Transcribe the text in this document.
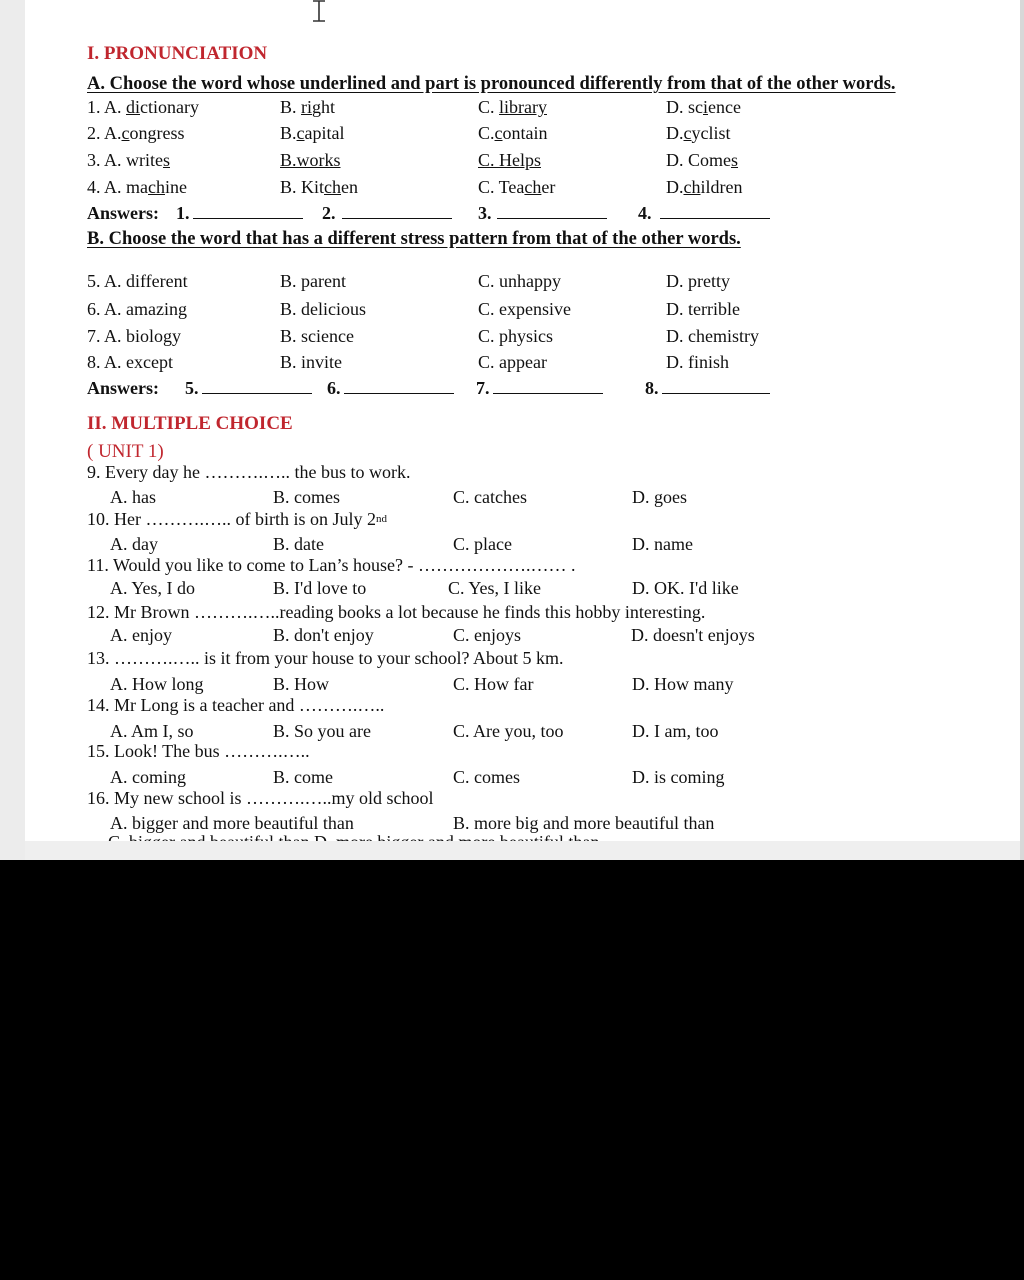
I. PRONUNCIATION
A. Choose the word whose underlined and part is pronounced differently from that of the other words.
1. A. dictionary	B. right	C. library	D. science
2. A.congress	B.capital	C.contain	D.cyclist
3. A. writes	B.works	C. Helps	D. Comes
4. A. machine	B. Kitchen	C. Teacher	D.children
Answers: 1.	2.	3.	4.
B. Choose the word that has a different stress pattern from that of the other words.
5. A. different	B. parent	C. unhappy	D. pretty
6. A. amazing	B. delicious	C. expensive	D. terrible
7. A. biology	B. science	C. physics	D. chemistry
8. A. except	B. invite	C. appear	D. finish
Answers: 5.	6.	7.	8.
II. MULTIPLE CHOICE
( UNIT 1)
9. Every day he ……….….. the bus to work.
A. has	B. comes	C. catches	D. goes
10. Her ……….….. of birth is on July 2nd
A. day	B. date	C. place	D. name
11. Would you like to come to Lan’s house? - ……………….…… .
A. Yes, I do	B. I'd love to	C. Yes, I like	D. OK. I'd like
12. Mr Brown ……….…..reading books a lot because he finds this hobby interesting.
A. enjoy	B. don't enjoy	C. enjoys	D. doesn't enjoys
13. ……….….. is it from your house to your school? About 5 km.
A. How long	B. How	C. How far	D. How many
14. Mr Long is a teacher and ……….…..
A. Am I, so	B. So you are	C. Are you, too	D. I am, too
15. Look! The bus ……….…..
A. coming	B. come	C. comes	D. is coming
16. My new school is ……….…..my old school
A. bigger and more beautiful than	B. more big and more beautiful than
